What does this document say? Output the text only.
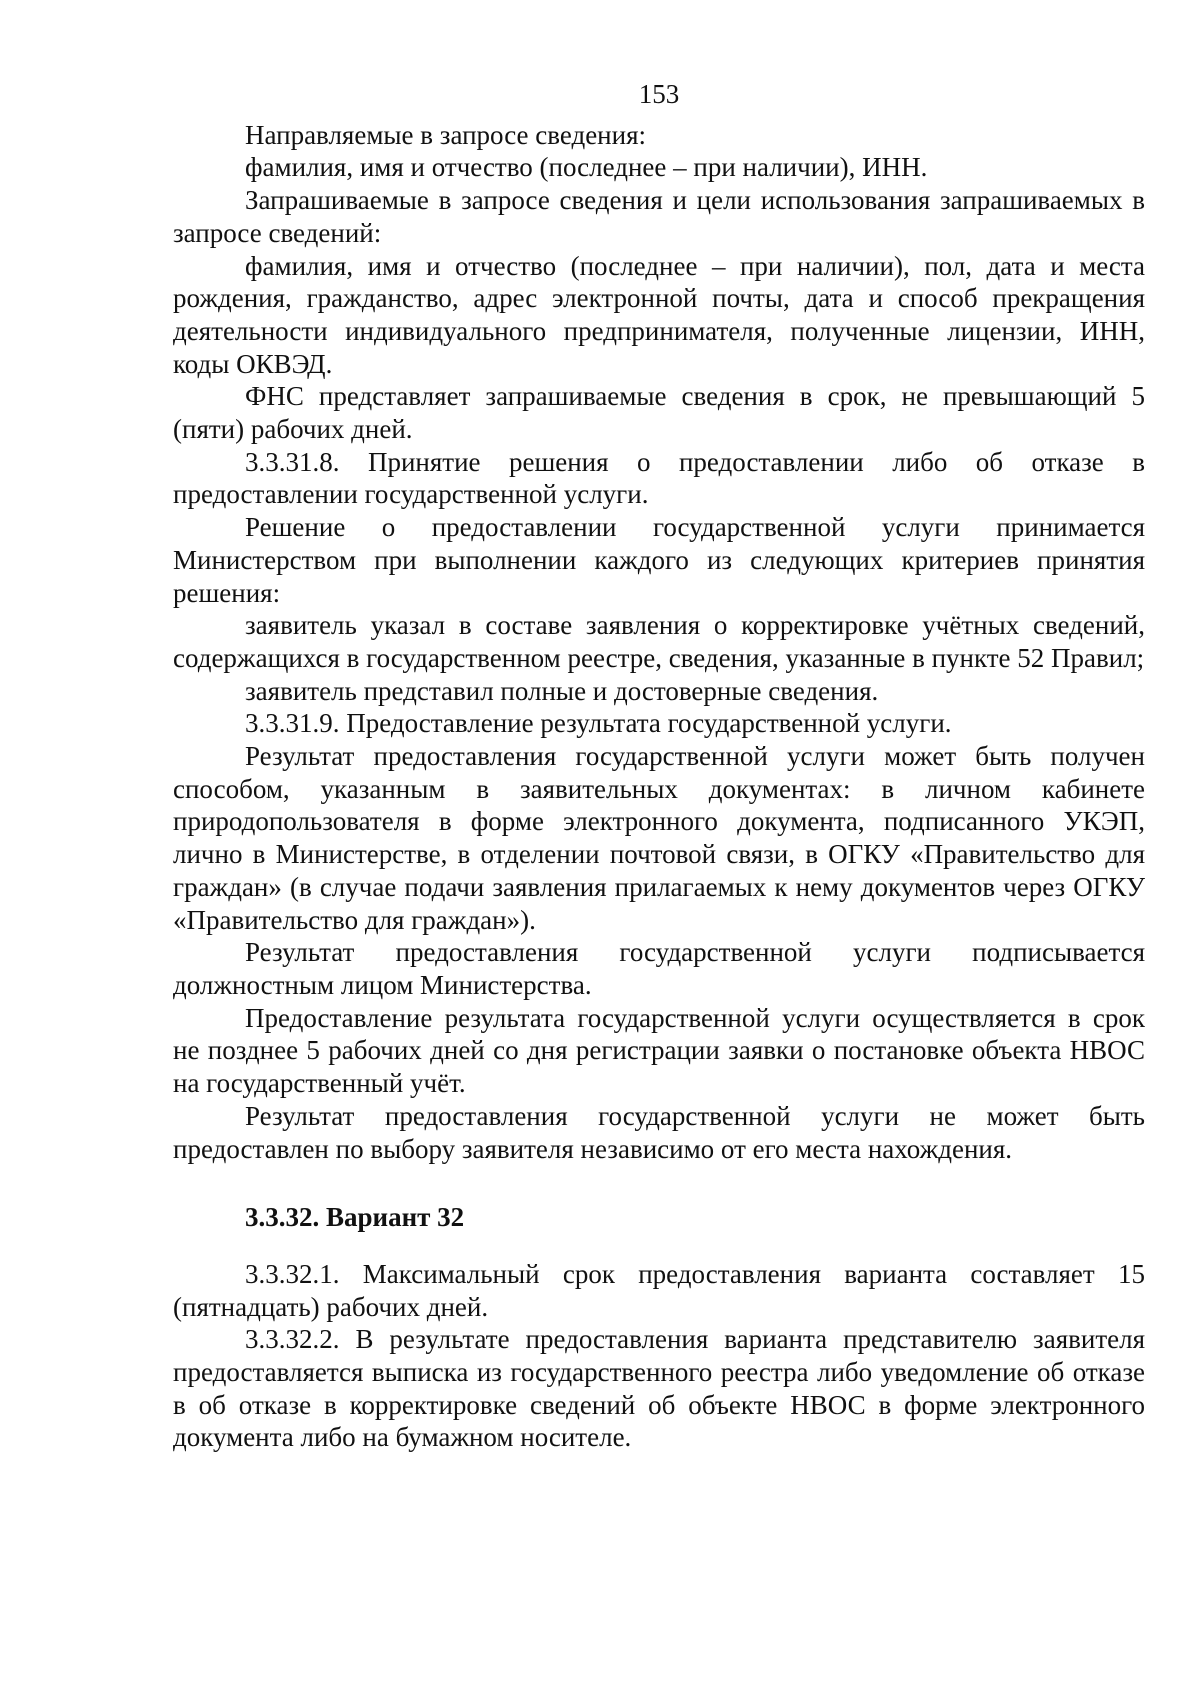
153

Направляемые в запросе сведения:

фамилия, имя и отчество (последнее – при наличии), ИНН.

Запрашиваемые в запросе сведения и цели использования запрашиваемых в запросе сведений:

фамилия, имя и отчество (последнее – при наличии), пол, дата и места рождения, гражданство, адрес электронной почты, дата и способ прекращения деятельности индивидуального предпринимателя, полученные лицензии, ИНН, коды ОКВЭД.

ФНС представляет запрашиваемые сведения в срок, не превышающий 5 (пяти) рабочих дней.

3.3.31.8. Принятие решения о предоставлении либо об отказе в предоставлении государственной услуги.

Решение о предоставлении государственной услуги принимается Министерством при выполнении каждого из следующих критериев принятия решения:

заявитель указал в составе заявления о корректировке учётных сведений, содержащихся в государственном реестре, сведения, указанные в пункте 52 Правил;

заявитель представил полные и достоверные сведения.

3.3.31.9. Предоставление результата государственной услуги.

Результат предоставления государственной услуги может быть получен способом, указанным в заявительных документах: в личном кабинете природопользователя в форме электронного документа, подписанного УКЭП, лично в Министерстве, в отделении почтовой связи, в ОГКУ «Правительство для граждан» (в случае подачи заявления прилагаемых к нему документов через ОГКУ «Правительство для граждан»).

Результат предоставления государственной услуги подписывается должностным лицом Министерства.

Предоставление результата государственной услуги осуществляется в срок не позднее 5 рабочих дней со дня регистрации заявки о постановке объекта НВОС на государственный учёт.

Результат предоставления государственной услуги не может быть предоставлен по выбору заявителя независимо от его места нахождения.

3.3.32. Вариант 32

3.3.32.1. Максимальный срок предоставления варианта составляет 15 (пятнадцать) рабочих дней.

3.3.32.2. В результате предоставления варианта представителю заявителя предоставляется выписка из государственного реестра либо уведомление об отказе в об отказе в корректировке сведений об объекте НВОС в форме электронного документа либо на бумажном носителе.
